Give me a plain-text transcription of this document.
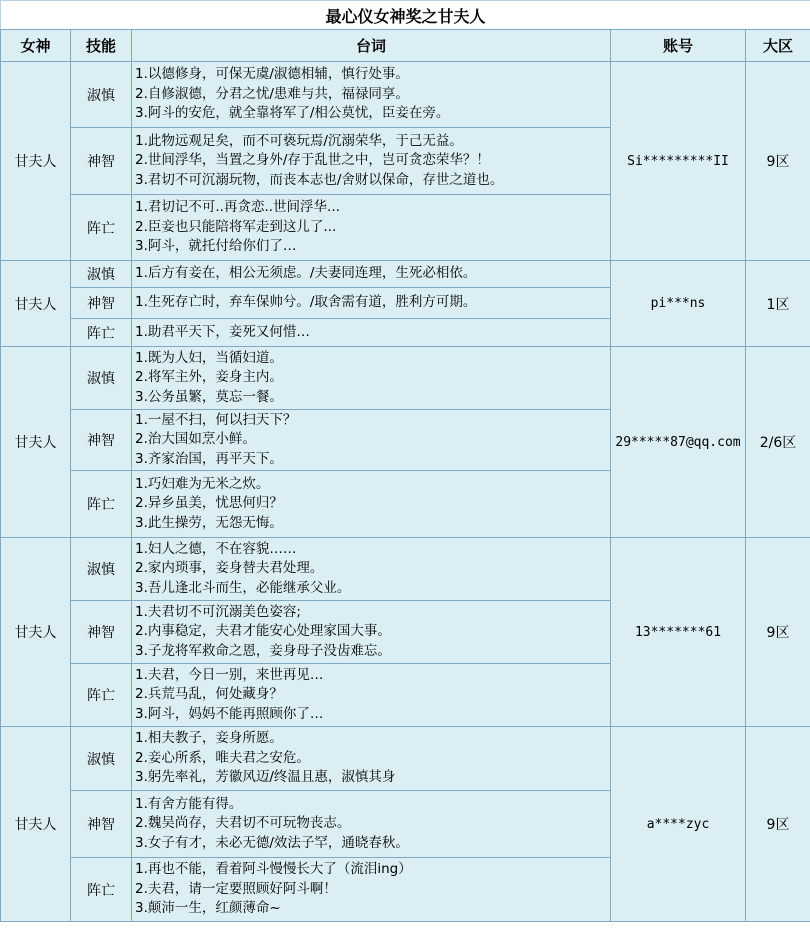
最心仪女神奖之甘夫人				
女神	技能	台词	账号	大区
甘夫人	淑慎	1.以德修身，可保无虞/淑德相辅，慎行处事。
2.自修淑德，分君之忧/患难与共，福禄同享。
3.阿斗的安危，就全靠将军了/相公莫忧，臣妾在旁。	Si*********II	9区
	神智	1.此物远观足矣，而不可亵玩焉/沉溺荣华，于己无益。
2.世间浮华，当置之身外/存于乱世之中，岂可贪恋荣华？！
3.君切不可沉溺玩物，而丧本志也/舍财以保命，存世之道也。		

	阵亡	1.君切记不可..再贪恋..世间浮华...
2.臣妾也只能陪将军走到这儿了...
3.阿斗，就托付给你们了…		

甘夫人	淑慎	1.后方有妾在，相公无须虑。/夫妻同连理，生死必相依。	pi***ns	1区
	神智	1.生死存亡时，弃车保帅兮。/取舍需有道，胜利方可期。		

	阵亡	1.助君平天下，妾死又何惜…		

甘夫人	淑慎	1.既为人妇，当循妇道。
2.将军主外，妾身主内。
3.公务虽繁，莫忘一餐。	29*****87@qq.com	2/6区
	神智	1.一屋不扫，何以扫天下？
2.治大国如烹小鲜。
3.齐家治国，再平天下。		

	阵亡	1.巧妇难为无米之炊。
2.异乡虽美，忧思何归？
3.此生操劳，无怨无悔。		

甘夫人	淑慎	1.妇人之德，不在容貌……
2.家内琐事，妾身替夫君处理。
3.吾儿逢北斗而生，必能继承父业。	13*******61	9区
	神智	1.夫君切不可沉溺美色姿容;
2.内事稳定，夫君才能安心处理家国大事。
3.子龙将军救命之恩，妾身母子没齿难忘。		

	阵亡	1.夫君，今日一别，来世再见…
2.兵荒马乱，何处藏身？
3.阿斗，妈妈不能再照顾你了…		

甘夫人	淑慎	1.相夫教子，妾身所愿。
2.妾心所系，唯夫君之安危。
3.躬先率礼，芳徽风迈/终温且惠，淑慎其身	a****zyc	9区
	神智	1.有舍方能有得。
2.魏吴尚存，夫君切不可玩物丧志。
3.女子有才，未必无德/效法子罕，通晓春秋。		

	阵亡	1.再也不能，看着阿斗慢慢长大了（流泪ing）
2.夫君，请一定要照顾好阿斗啊！
3.颠沛一生，红颜薄命~		
